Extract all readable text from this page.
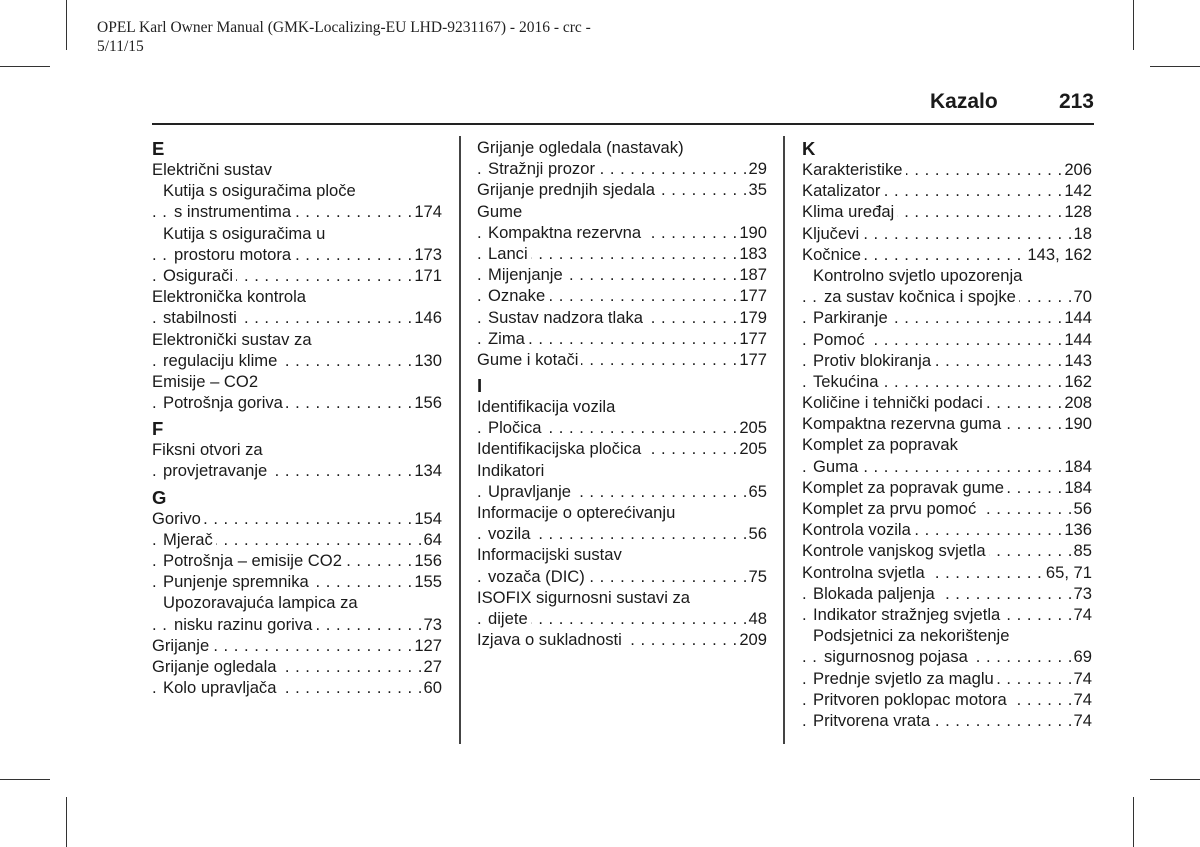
OPEL Karl Owner Manual (GMK-Localizing-EU LHD-9231167) - 2016 - crc -
5/11/15
Kazalo	213
E
Električni sustav
Kutija s osiguračima ploče
s instrumentima	174
. . .
Kutija s osiguračima u
prostoru motora	173
. . .
Osigurači	171
. . .
Elektronička kontrola
stabilnosti	146
. . .
Elektronički sustav za
regulaciju klime	130
. . .
Emisije – CO2
Potrošnja goriva	156
. . .
F
Fiksni otvori za
provjetravanje	134
. . .
G
Gorivo	154
. . .
Mjerač	64
. . .
Potrošnja – emisije CO2	156
. . .
Punjenje spremnika	155
. . .
Upozoravajuća lampica za
nisku razinu goriva	73
. . .
Grijanje	127
. . .
Grijanje ogledala	27
. . .
Kolo upravljača	60
. . .
Grijanje ogledala (nastavak)
Stražnji prozor	29
. . .
Grijanje prednjih sjedala	35
. . .
Gume
Kompaktna rezervna	190
. . .
Lanci	183
. . .
Mijenjanje	187
. . .
Oznake	177
. . .
Sustav nadzora tlaka	179
. . .
Zima	177
. . .
Gume i kotači	177
. . .
I
Identifikacija vozila
Pločica	205
. . .
Identifikacijska pločica	205
. . .
Indikatori
Upravljanje	65
. . .
Informacije o opterećivanju
vozila	56
. . .
Informacijski sustav
vozača (DIC)	75
. . .
ISOFIX sigurnosni sustavi za
dijete	48
. . .
Izjava o sukladnosti	209
. . .
K
Karakteristike	206
. . .
Katalizator	142
. . .
Klima uređaj	128
. . .
Ključevi	18
. . .
Kočnice	143, 162
. . .
Kontrolno svjetlo upozorenja
za sustav kočnica i spojke	70
. . .
Parkiranje	144
. . .
Pomoć	144
. . .
Protiv blokiranja	143
. . .
Tekućina	162
. . .
Količine i tehnički podaci	208
. . .
Kompaktna rezervna guma	190
. . .
Komplet za popravak
Guma	184
. . .
Komplet za popravak gume	184
. . .
Komplet za prvu pomoć	56
. . .
Kontrola vozila	136
. . .
Kontrole vanjskog svjetla	85
. . .
Kontrolna svjetla	65, 71
. . .
Blokada paljenja	73
. . .
Indikator stražnjeg svjetla	74
. . .
Podsjetnici za nekorištenje
sigurnosnog pojasa	69
. . .
Prednje svjetlo za maglu	74
. . .
Pritvoren poklopac motora	74
. . .
Pritvorena vrata	74
. . .
